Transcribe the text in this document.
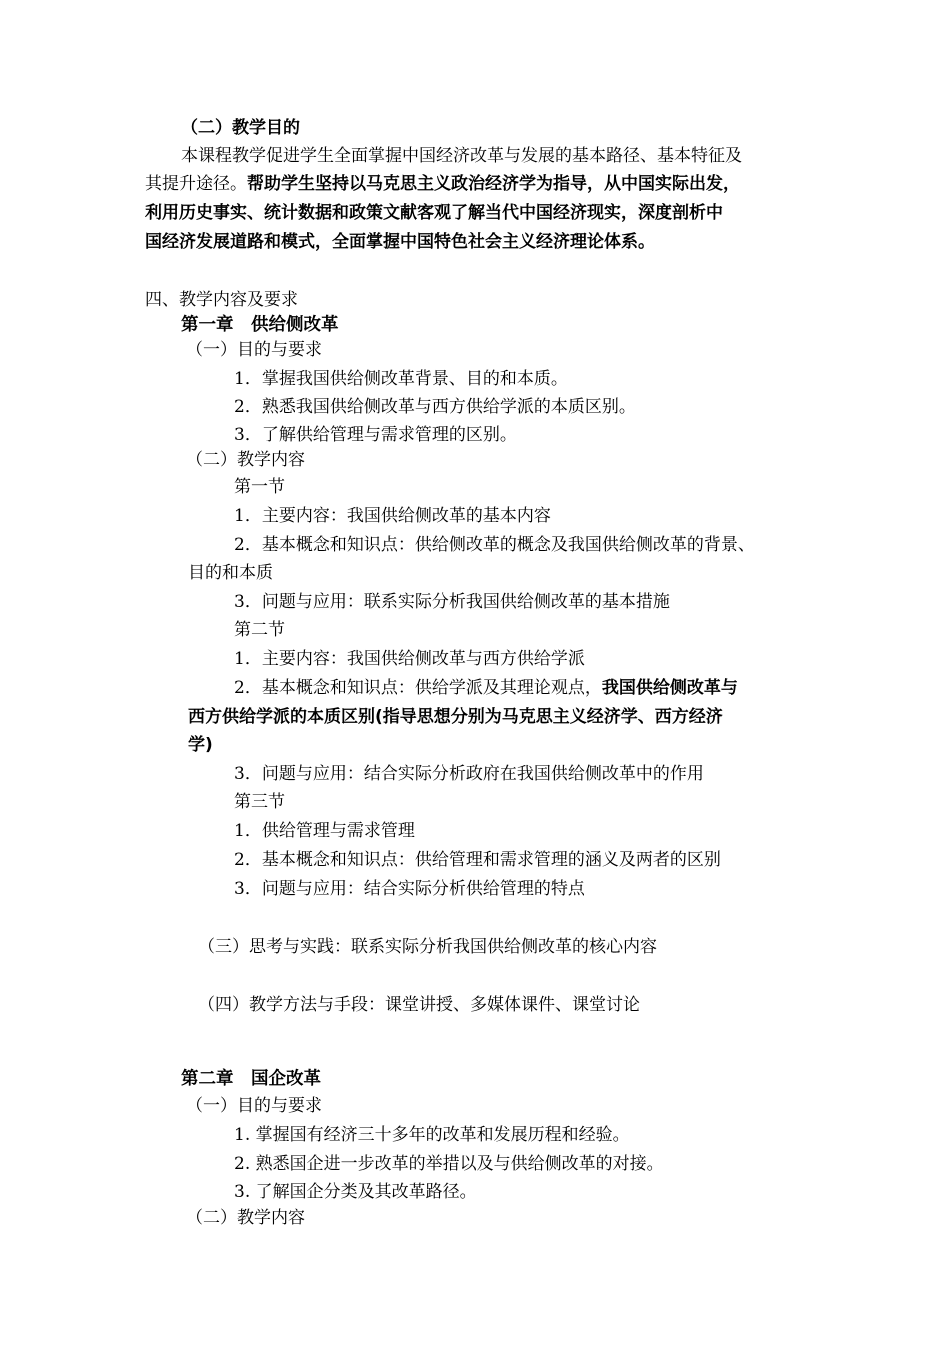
（二）教学目的
本课程教学促进学生全面掌握中国经济改革与发展的基本路径、基本特征及
其提升途径。帮助学生坚持以马克思主义政治经济学为指导，从中国实际出发，
利用历史事实、统计数据和政策文献客观了解当代中国经济现实，深度剖析中
国经济发展道路和模式，全面掌握中国特色社会主义经济理论体系。
四、教学内容及要求
第一章　供给侧改革
（一）目的与要求
1．掌握我国供给侧改革背景、目的和本质。
2．熟悉我国供给侧改革与西方供给学派的本质区别。
3．了解供给管理与需求管理的区别。
（二）教学内容
第一节
1．主要内容：我国供给侧改革的基本内容
2．基本概念和知识点：供给侧改革的概念及我国供给侧改革的背景、
目的和本质
3．问题与应用：联系实际分析我国供给侧改革的基本措施
第二节
1．主要内容：我国供给侧改革与西方供给学派
2．基本概念和知识点：供给学派及其理论观点，我国供给侧改革与
西方供给学派的本质区别(指导思想分别为马克思主义经济学、西方经济
学)
3．问题与应用：结合实际分析政府在我国供给侧改革中的作用
第三节
1．供给管理与需求管理
2．基本概念和知识点：供给管理和需求管理的涵义及两者的区别
3．问题与应用：结合实际分析供给管理的特点
（三）思考与实践：联系实际分析我国供给侧改革的核心内容
（四）教学方法与手段：课堂讲授、多媒体课件、课堂讨论
第二章　国企改革
（一）目的与要求
1. 掌握国有经济三十多年的改革和发展历程和经验。
2. 熟悉国企进一步改革的举措以及与供给侧改革的对接。
3. 了解国企分类及其改革路径。
（二）教学内容
